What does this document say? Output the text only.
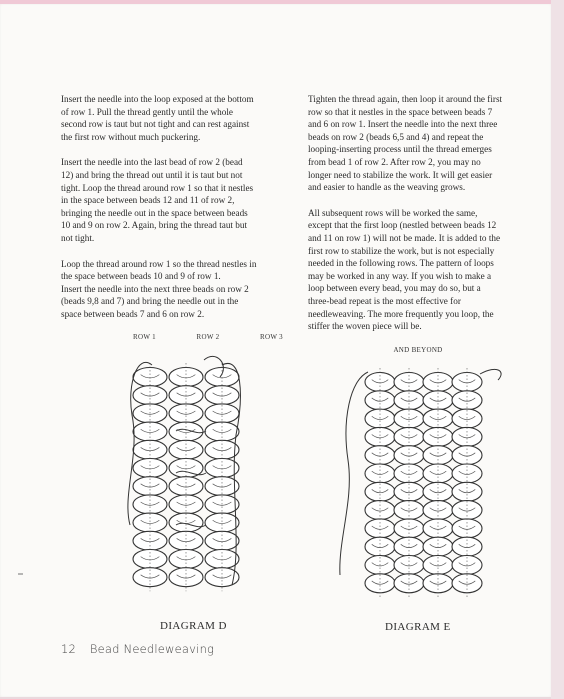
Insert the needle into the loop exposed at the bottom
of row 1. Pull the thread gently until the whole
second row is taut but not tight and can rest against
the first row without much puckering.

Insert the needle into the last bead of row 2 (bead
12) and bring the thread out until it is taut but not
tight. Loop the thread around row 1 so that it nestles
in the space between beads 12 and 11 of row 2,
bringing the needle out in the space between beads
10 and 9 on row 2. Again, bring the thread taut but
not tight.

Loop the thread around row 1 so the thread nestles in
the space between beads 10 and 9 of row 1.
Insert the needle into the next three beads on row 2
(beads 9,8 and 7) and bring the needle out in the
space between beads 7 and 6 on row 2.

Tighten the thread again, then loop it around the first
row so that it nestles in the space between beads 7
and 6 on row 1. Insert the needle into the next three
beads on row 2 (beads 6,5 and 4) and repeat the
looping-inserting process until the thread emerges
from bead 1 of row 2. After row 2, you may no
longer need to stabilize the work. It will get easier
and easier to handle as the weaving grows.

All subsequent rows will be worked the same,
except that the first loop (nestled between beads 12
and 11 on row 1) will not be made. It is added to the
first row to stabilize the work, but is not especially
needed in the following rows. The pattern of loops
may be worked in any way. If you wish to make a
loop between every bead, you may do so, but a
three-bead repeat is the most effective for
needleweaving. The more frequently you loop, the
stiffer the woven piece will be.

ROW 1	ROW 2	ROW 3
AND BEYOND
DIAGRAM D	DIAGRAM E
12 Bead Needleweaving
